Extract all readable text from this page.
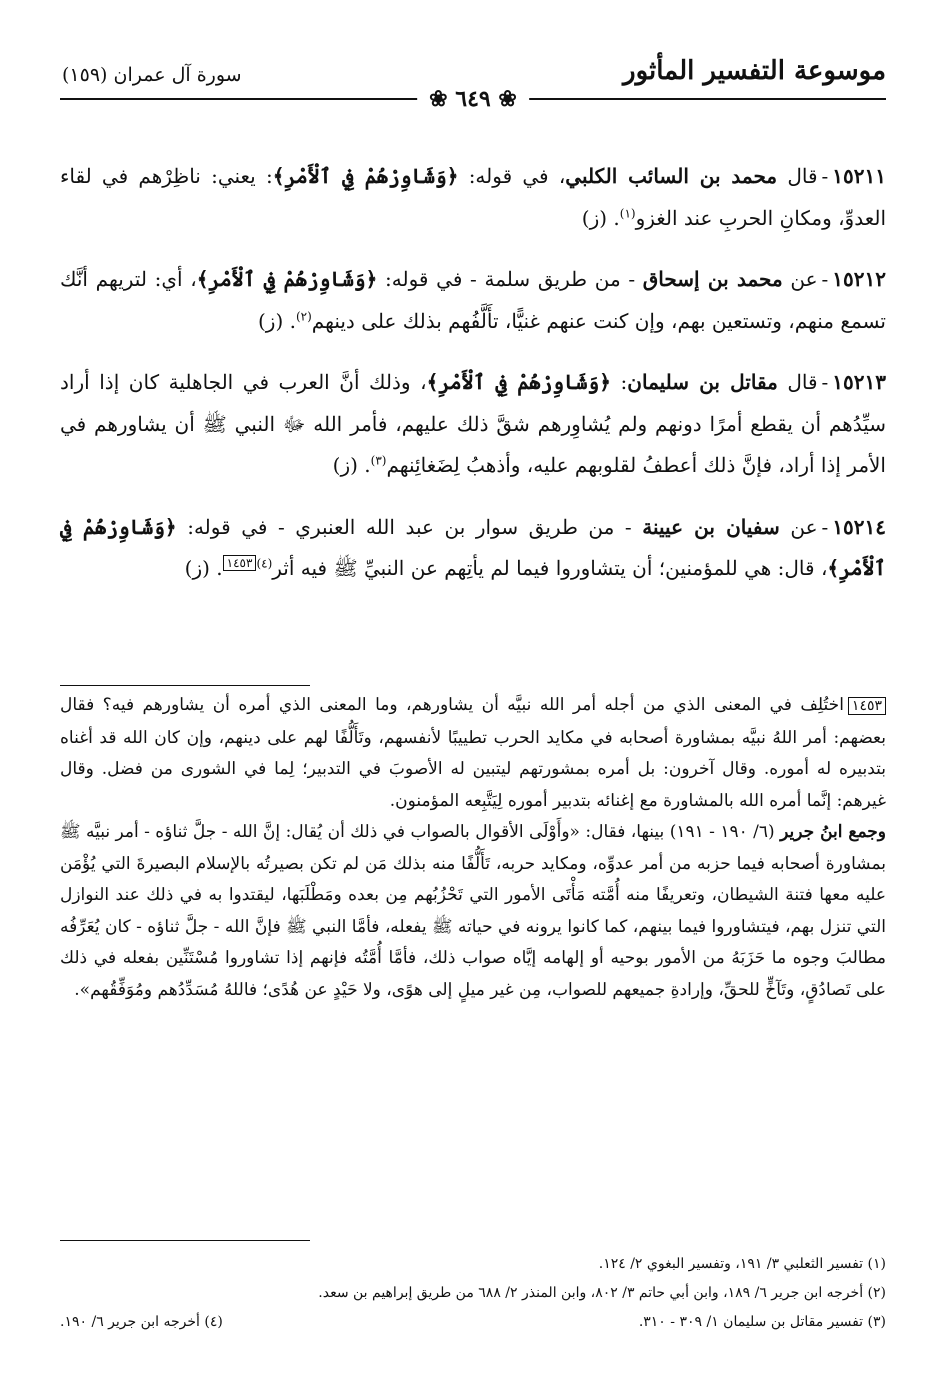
موسوعة التفسير المأثور
سورة آل عمران (١٥٩)
❀ ٦٤٩ ❀

١٥٢١١-قال محمد بن السائب الكلبي، في قوله: ﴿وَشَاوِرْهُمْ فِي ٱلْأَمْرِ﴾: يعني: ناظِرْهم في لقاء العدوِّ، ومكانِ الحربِ عند الغزو$^{(١)}$. (ز)

١٥٢١٢-عن محمد بن إسحاق - من طريق سلمة - في قوله: ﴿وَشَاوِرْهُمْ فِي ٱلْأَمْرِ﴾، أي: لتريهم أنَّك تسمع منهم، وتستعين بهم، وإن كنت عنهم غنيًّا، تأَلَّفُهم بذلك على دينهم$^{(٢)}$. (ز)

١٥٢١٣-قال مقاتل بن سليمان: ﴿وَشَاوِرْهُمْ فِي ٱلْأَمْرِ﴾، وذلك أنَّ العرب في الجاهلية كان إذا أراد سيِّدُهم أن يقطع أمرًا دونهم ولم يُشاوِرهم شقَّ ذلك عليهم، فأمر الله ﷻ النبي ﷺ أن يشاورهم في الأمر إذا أراد، فإنَّ ذلك أعطفُ لقلوبهم عليه، وأذهبُ لِضَغائِنهم$^{(٣)}$. (ز)

١٥٢١٤-عن سفيان بن عيينة - من طريق سوار بن عبد الله العنبري - في قوله: ﴿وَشَاوِرْهُمْ فِي ٱلْأَمْرِ﴾، قال: هي للمؤمنين؛ أن يتشاوروا فيما لم يأتِهم عن النبيِّ ﷺ فيه أثر$^{(٤)١٤٥٣}$. (ز)

١٤٥٣اختُلِف في المعنى الذي من أجله أمر الله نبيَّه أن يشاورهم، وما المعنى الذي أمره أن يشاورهم فيه؟ فقال بعضهم: أمر اللهُ نبيَّه بمشاورة أصحابه في مكايد الحرب تطييبًا لأنفسهم، وتَأَلُّفًا لهم على دينهم، وإن كان الله قد أغناه بتدبيره له أموره. وقال آخرون: بل أمره بمشورتهم ليتبين له الأصوبَ في التدبير؛ لِما في الشورى من فضل. وقال غيرهم: إنَّما أمره الله بالمشاورة مع إغنائه بتدبير أموره لِيَتَّبِعه المؤمنون.

وجمع ابنُ جرير (٦/ ١٩٠ - ١٩١) بينها، فقال: «وأَوْلَى الأقوال بالصواب في ذلك أن يُقال: إنَّ الله - جلَّ ثناؤه - أمر نبيَّه ﷺ بمشاورة أصحابه فيما حزبه من أمر عدوِّه، ومكايد حربه، تَأَلُّفًا منه بذلك مَن لم تكن بصيرتُه بالإسلام البصيرةَ التي يُؤْمَن عليه معها فتنة الشيطان، وتعريفًا منه أُمَّته مَأْتَى الأمور التي تَحْزُبُهم مِن بعده ومَطْلَبَها، ليقتدوا به في ذلك عند النوازل التي تنزل بهم، فيتشاوروا فيما بينهم، كما كانوا يرونه في حياته ﷺ يفعله، فأمَّا النبي ﷺ فإنَّ الله - جلَّ ثناؤه - كان يُعَرِّفُه مطالبَ وجوه ما حَزَبَهُ من الأمور بوحيه أو إلهامه إيَّاه صواب ذلك، فأمَّا أُمَّتُه فإنهم إذا تشاوروا مُسْتَنِّين بفعله في ذلك على تَصادُقٍ، وتَآخٍّ للحقِّ، وإرادةِ جميعهم للصواب، مِن غير ميلٍ إلى هوًى، ولا حَيْدٍ عن هُدًى؛ فاللهُ مُسَدِّدُهم ومُوَفِّقُهم».

(١) تفسير الثعلبي ٣/ ١٩١، وتفسير البغوي ٢/ ١٢٤.

(٢) أخرجه ابن جرير ٦/ ١٨٩، وابن أبي حاتم ٣/ ٨٠٢، وابن المنذر ٢/ ٦٨٨ من طريق إبراهيم بن سعد.

(٣) تفسير مقاتل بن سليمان ١/ ٣٠٩ - ٣١٠.
(٤) أخرجه ابن جرير ٦/ ١٩٠.
